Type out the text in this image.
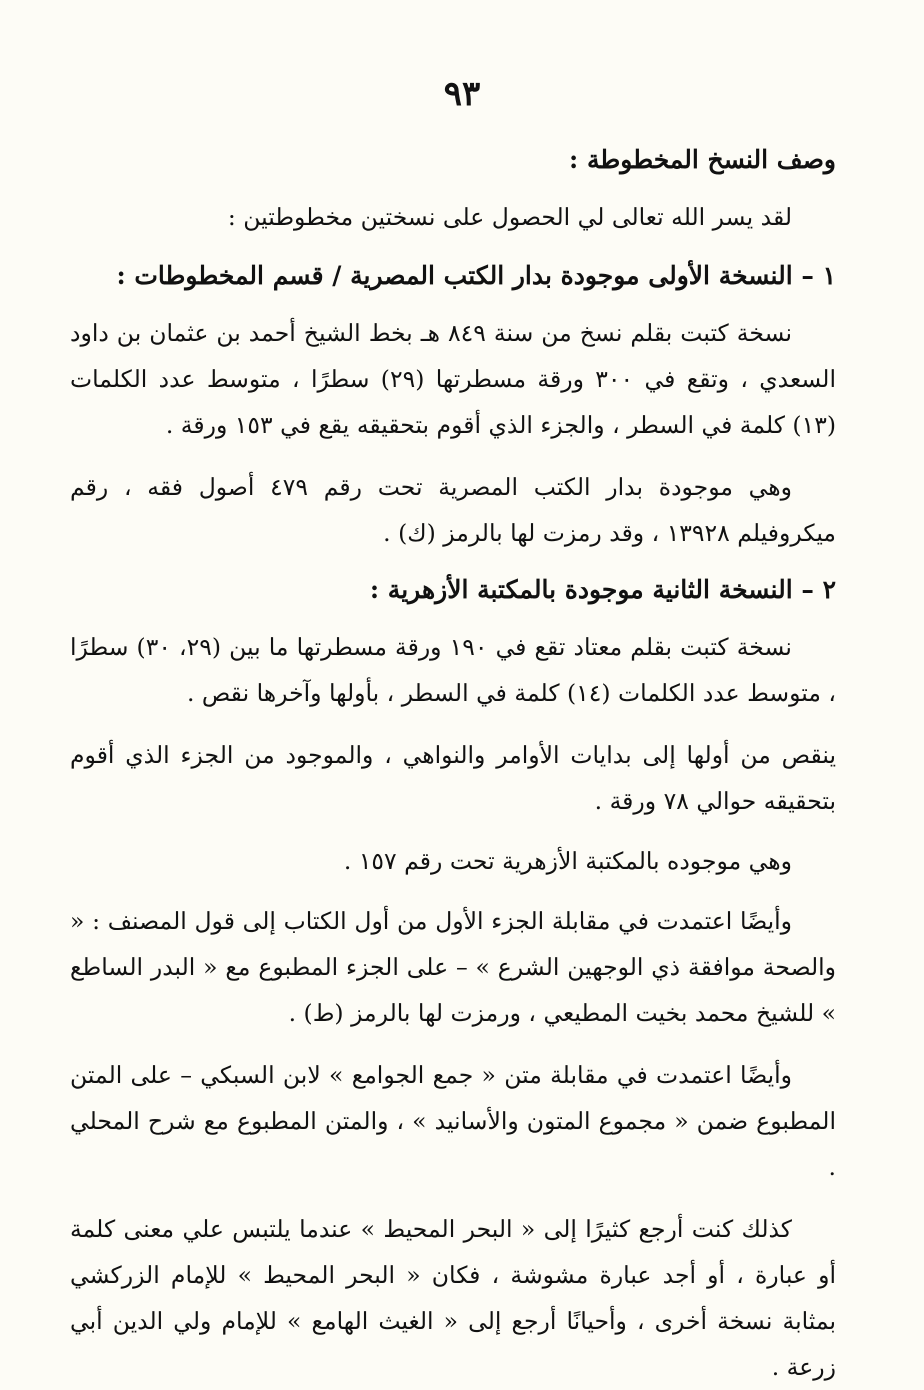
٩٣

وصف النسخ المخطوطة :

لقد يسر الله تعالى لي الحصول على نسختين مخطوطتين :

١ – النسخة الأولى موجودة بدار الكتب المصرية / قسم المخطوطات :

نسخة كتبت بقلم نسخ من سنة ٨٤٩ هـ بخط الشيخ أحمد بن عثمان بن داود السعدي ، وتقع في ٣٠٠ ورقة مسطرتها (٢٩) سطرًا ، متوسط عدد الكلمات (١٣) كلمة في السطر ، والجزء الذي أقوم بتحقيقه يقع في ١٥٣ ورقة .

وهي موجودة بدار الكتب المصرية تحت رقم ٤٧٩ أصول فقه ، رقم ميكروفيلم ١٣٩٢٨ ، وقد رمزت لها بالرمز (ك) .

٢ – النسخة الثانية موجودة بالمكتبة الأزهرية :

نسخة كتبت بقلم معتاد تقع في ١٩٠ ورقة مسطرتها ما بين (٢٩، ٣٠) سطرًا ، متوسط عدد الكلمات (١٤) كلمة في السطر ، بأولها وآخرها نقص .

ينقص من أولها إلى بدايات الأوامر والنواهي ، والموجود من الجزء الذي أقوم بتحقيقه حوالي ٧٨ ورقة .

وهي موجوده بالمكتبة الأزهرية تحت رقم ١٥٧ .

وأيضًا اعتمدت في مقابلة الجزء الأول من أول الكتاب إلى قول المصنف : « والصحة موافقة ذي الوجهين الشرع » – على الجزء المطبوع مع « البدر الساطع » للشيخ محمد بخيت المطيعي ، ورمزت لها بالرمز (ط) .

وأيضًا اعتمدت في مقابلة متن « جمع الجوامع » لابن السبكي – على المتن المطبوع ضمن « مجموع المتون والأسانيد » ، والمتن المطبوع مع شرح المحلي .

كذلك كنت أرجع كثيرًا إلى « البحر المحيط » عندما يلتبس علي معنى كلمة أو عبارة ، أو أجد عبارة مشوشة ، فكان « البحر المحيط » للإمام الزركشي بمثابة نسخة أخرى ، وأحيانًا أرجع إلى « الغيث الهامع » للإمام ولي الدين أبي زرعة .
